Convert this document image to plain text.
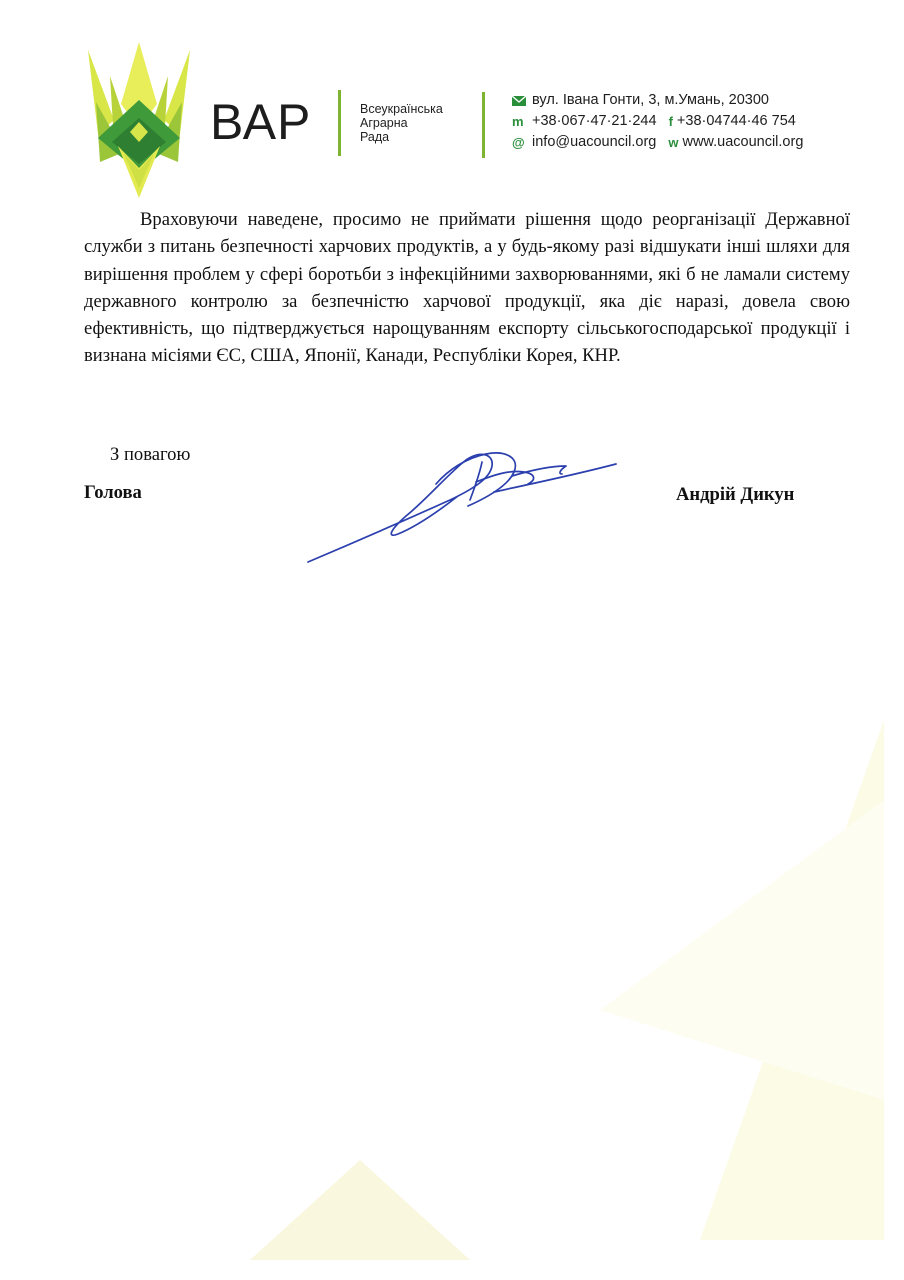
ВАР	Всеукраїнська
Аграрна
Рада
вул. Івана Гонти, 3, м.Умань, 20300
m +38·067·47·21·244 f +38·04744·46 754
@ info@uacouncil.org w www.uacouncil.org

Враховуючи наведене, просимо не приймати рішення щодо реорганізації Державної служби з питань безпечності харчових продуктів, а у будь-якому разі відшукати інші шляхи для вирішення проблем у сфері боротьби з інфекційними захворюваннями, які б не ламали систему державного контролю за безпечністю харчової продукції, яка діє наразі, довела свою ефективність, що підтверджується нарощуванням експорту сільськогосподарської продукції і визнана місіями ЄС, США, Японії, Канади, Республіки Корея, КНР.

З повагою
Голова	Андрій Дикун
